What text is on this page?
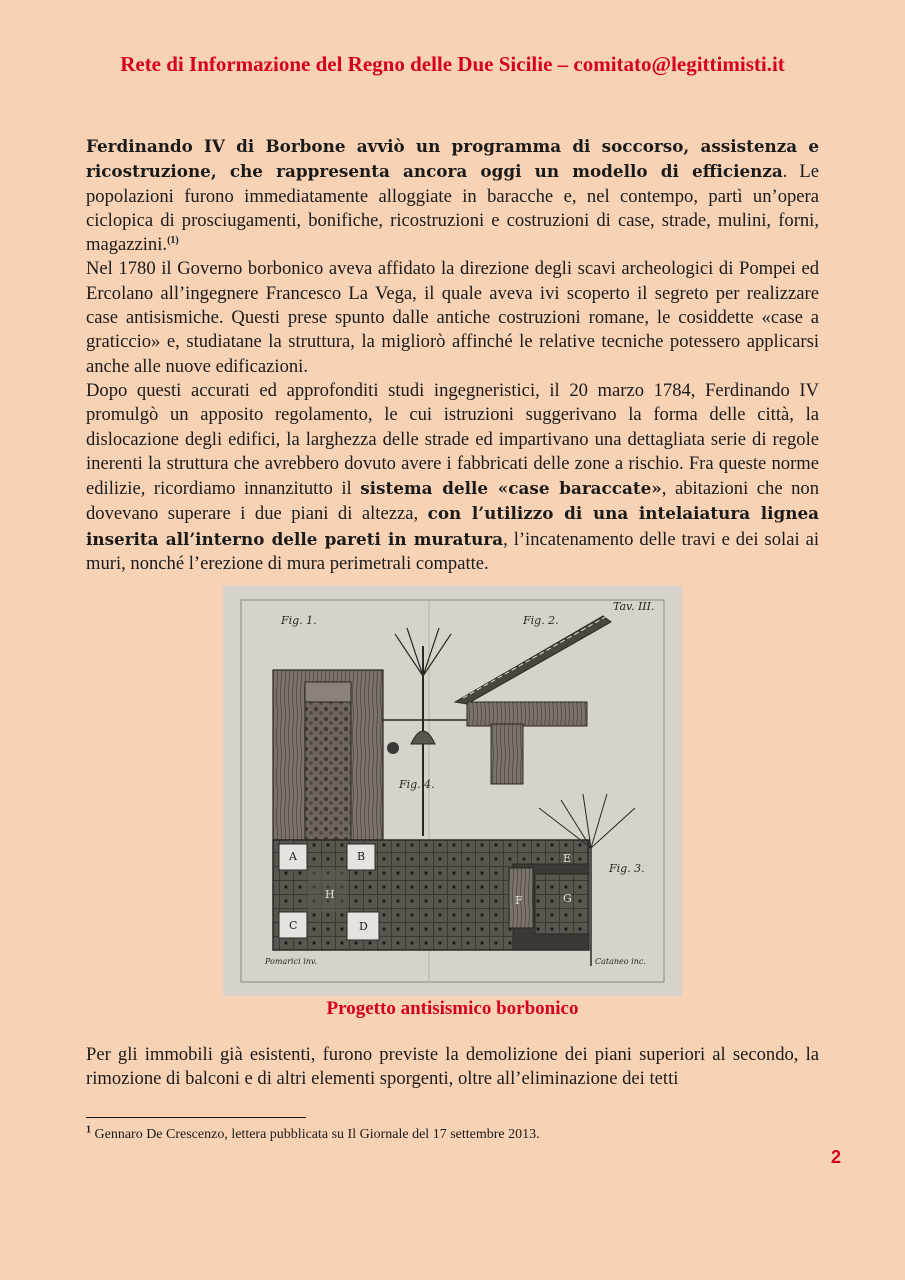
Rete di Informazione del Regno delle Due Sicilie – comitato@legittimisti.it

Ferdinando IV di Borbone avviò un programma di soccorso, assistenza e ricostruzione, che rappresenta ancora oggi un modello di efficienza. Le popolazioni furono immediatamente alloggiate in baracche e, nel contempo, partì un’opera ciclopica di prosciugamenti, bonifiche, ricostruzioni e costruzioni di case, strade, mulini, forni, magazzini.$^{(1)}$

Nel 1780 il Governo borbonico aveva affidato la direzione degli scavi archeologici di Pompei ed Ercolano all’ingegnere Francesco La Vega, il quale aveva ivi scoperto il segreto per realizzare case antisismiche. Questi prese spunto dalle antiche costruzioni romane, le cosiddette «case a graticcio» e, studiatane la struttura, la migliorò affinché le relative tecniche potessero applicarsi anche alle nuove edificazioni.

Dopo questi accurati ed approfonditi studi ingegneristici, il 20 marzo 1784, Ferdinando IV promulgò un apposito regolamento, le cui istruzioni suggerivano la forma delle città, la dislocazione degli edifici, la larghezza delle strade ed impartivano una dettagliata serie di regole inerenti la struttura che avrebbero dovuto avere i fabbricati delle zone a rischio. Fra queste norme edilizie, ricordiamo innanzitutto il sistema delle «case baraccate», abitazioni che non dovevano superare i due piani di altezza, con l’utilizzo di una intelaiatura lignea inserita all’interno delle pareti in muratura, l’incatenamento delle travi e dei solai ai muri, nonché l’erezione di mura perimetrali compatte.

Fig. 1.	Fig. 2.
Tav. III.
Fig. 4.
Fig. 3.
Pomarici inv.	Cataneo inc.
A	B
C	D
H	F	G
E
Progetto antisismico borbonico

Per gli immobili già esistenti, furono previste la demolizione dei piani superiori al secondo, la rimozione di balconi e di altri elementi sporgenti, oltre all’eliminazione dei tetti

$^1$ Gennaro De Crescenzo, lettera pubblicata su Il Giornale del 17 settembre 2013.
2
